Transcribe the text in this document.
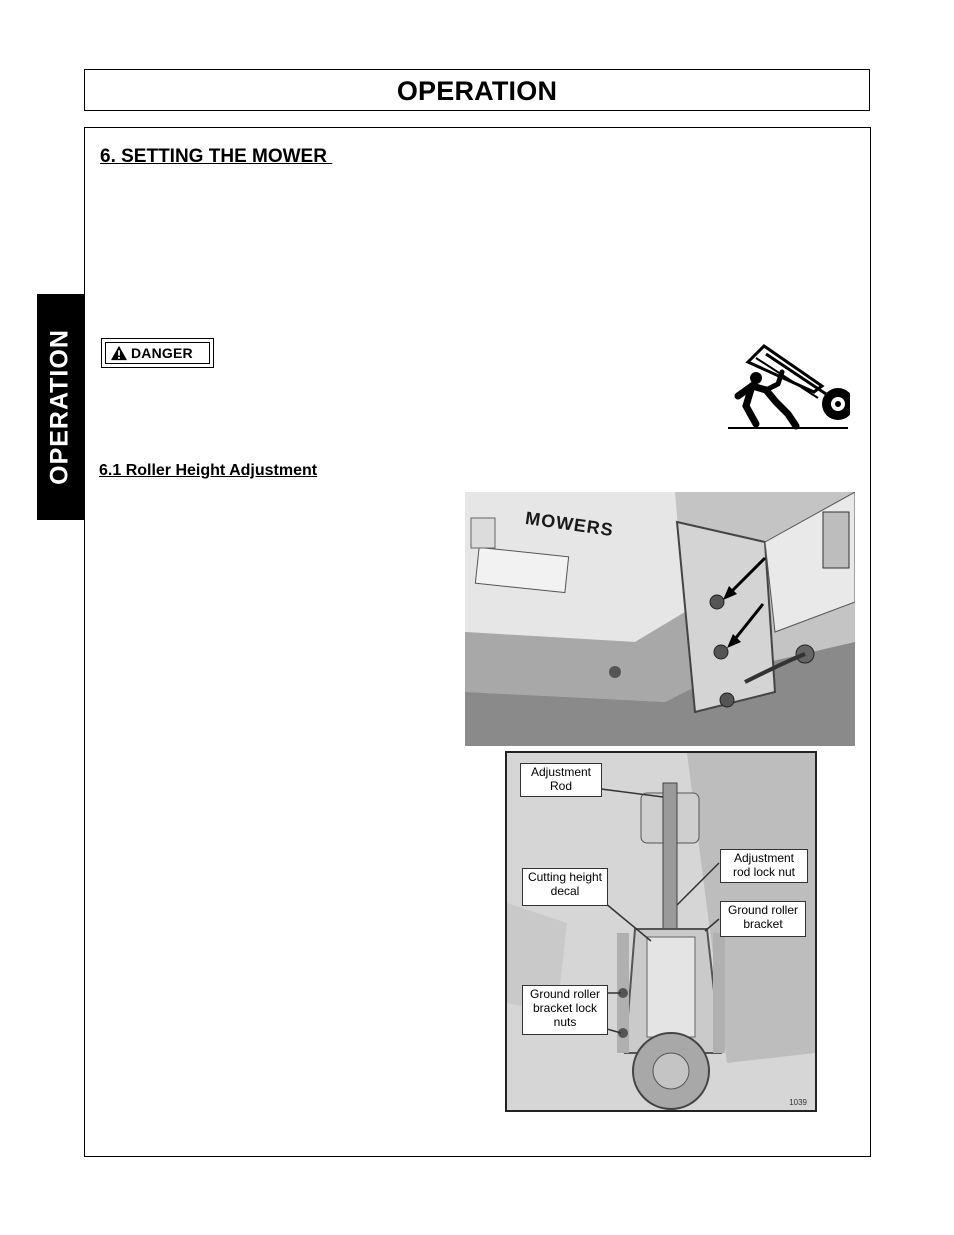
OPERATION
OPERATION
6. SETTING THE MOWER
DANGER
6.1 Roller Height Adjustment
MOWERS
Adjustment Rod
Adjustment rod lock nut
Cutting height decal
Ground roller bracket
Ground roller bracket lock nuts
1039
